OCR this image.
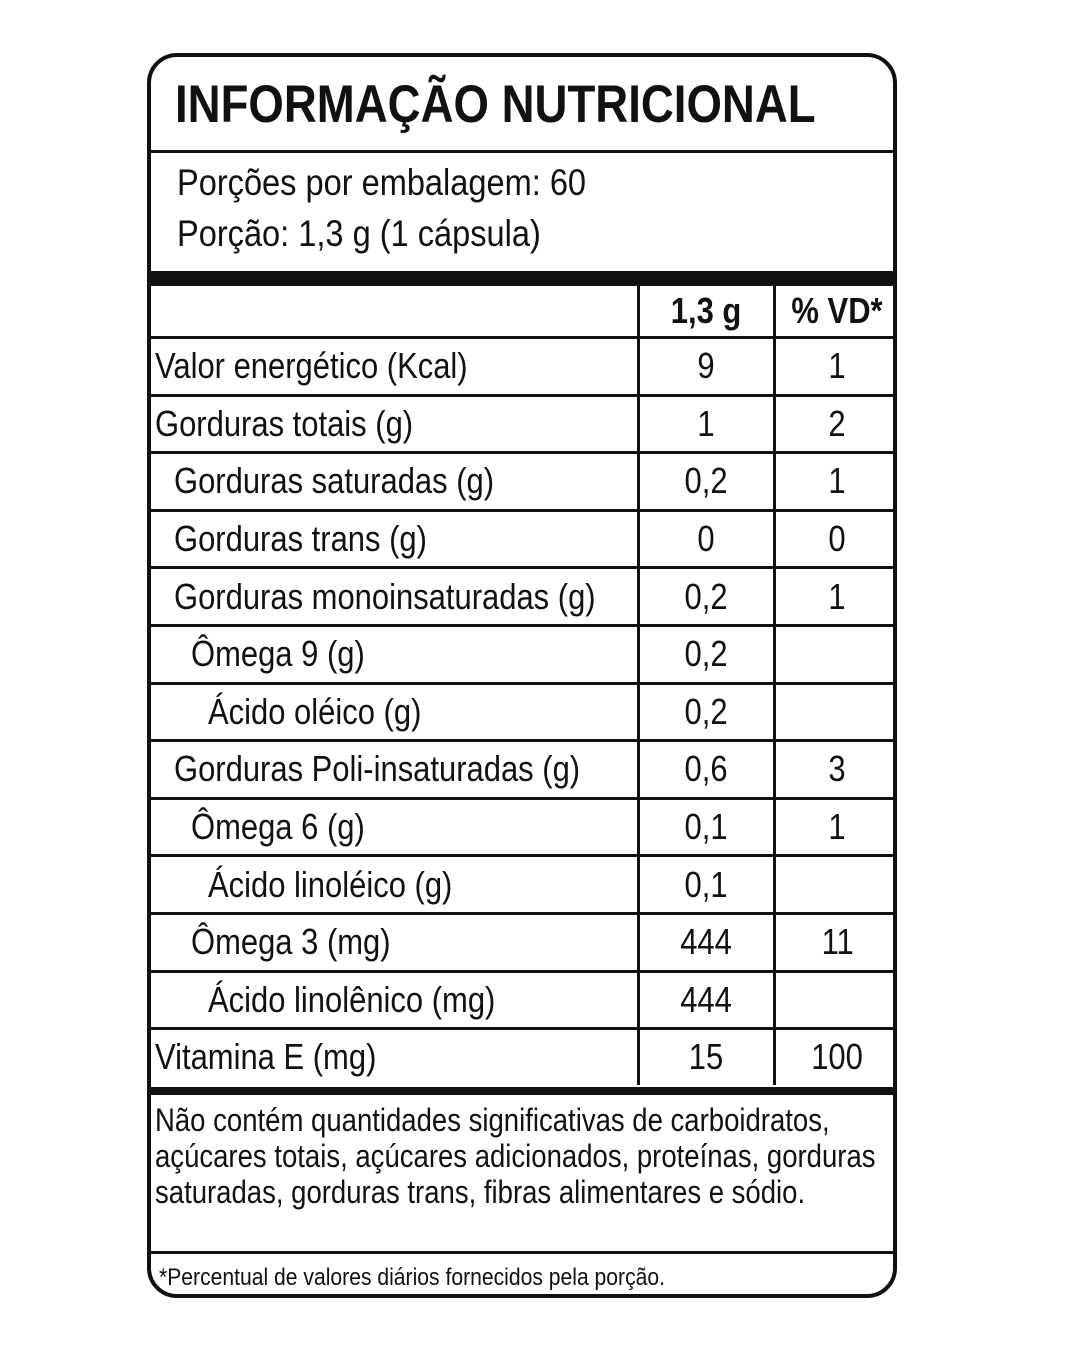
INFORMAÇÃO NUTRICIONAL
Porções por embalagem: 60
Porção: 1,3 g (1 cápsula)
	1,3 g	% VD*
Valor energético (Kcal)	9	1
Gorduras totais (g)	1	2
Gorduras saturadas (g)	0,2	1
Gorduras trans (g)	0	0
Gorduras monoinsaturadas (g)	0,2	1
Ômega 9 (g)	0,2	
Ácido oléico (g)	0,2	
Gorduras Poli-insaturadas (g)	0,6	3
Ômega 6 (g)	0,1	1
Ácido linoléico (g)	0,1	
Ômega 3 (mg)	444	11
Ácido linolênico (mg)	444	
Vitamina E (mg)	15	100

Não contém quantidades significativas de carboidratos, açúcares totais, açúcares adicionados, proteínas, gorduras saturadas, gorduras trans, fibras alimentares e sódio.

*Percentual de valores diários fornecidos pela porção.
